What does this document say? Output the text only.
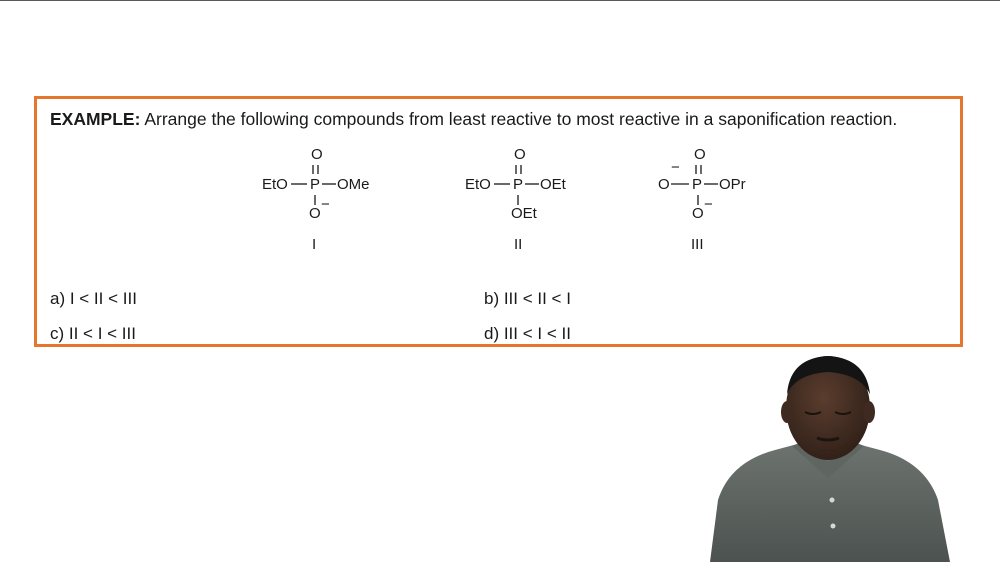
EXAMPLE: Arrange the following compounds from least reactive to most reactive in a saponification reaction.
O
EtO P OMe
O
−
I
O
EtO P OEt
OEt
II
O
−
O P OPr
O
−
III
a) I < II < III	b) III < II < I
c) II < I < III	d) III < I < II
